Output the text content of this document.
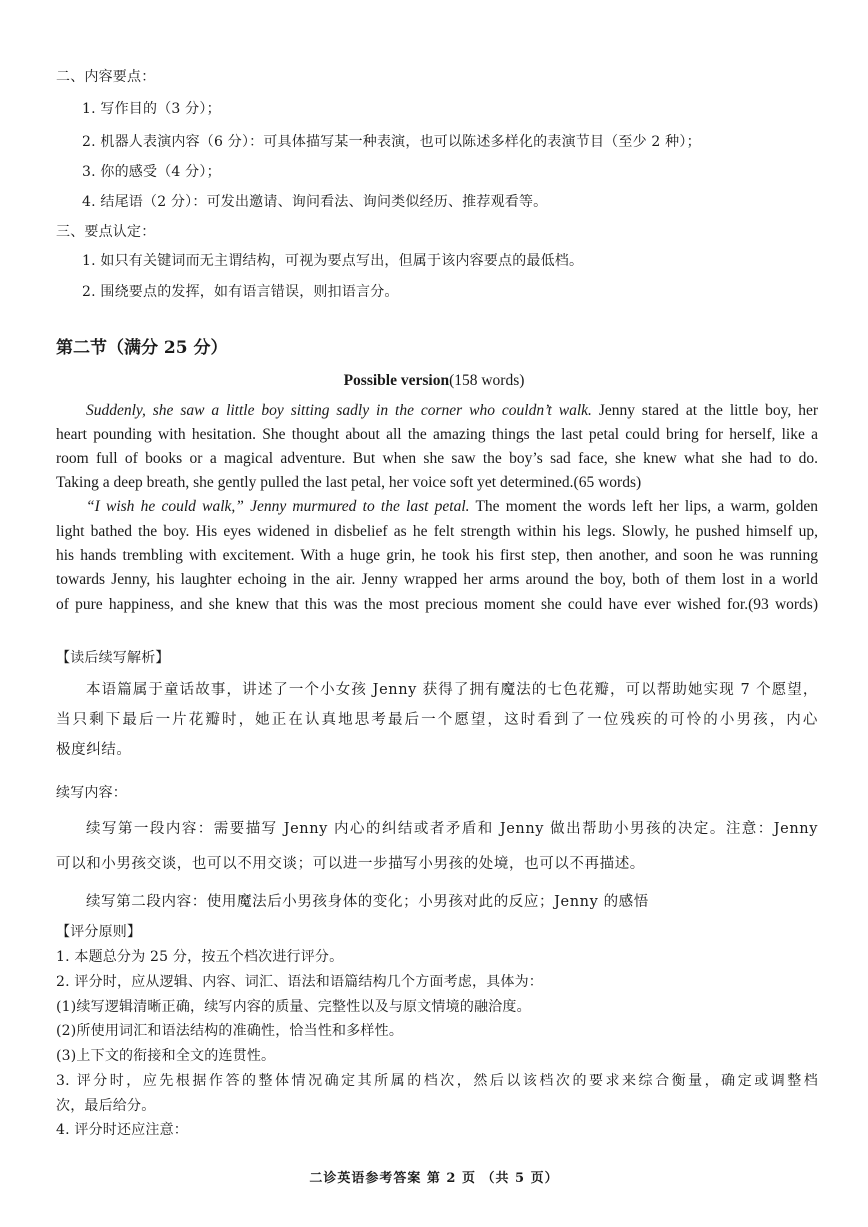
二、内容要点：
1. 写作目的（3 分）；
2. 机器人表演内容（6 分）：可具体描写某一种表演，也可以陈述多样化的表演节目（至少 2 种）；
3. 你的感受（4 分）；
4. 结尾语（2 分）：可发出邀请、询问看法、询问类似经历、推荐观看等。
三、要点认定：
1. 如只有关键词而无主谓结构，可视为要点写出，但属于该内容要点的最低档。
2. 围绕要点的发挥，如有语言错误，则扣语言分。
第二节（满分 25 分）
Possible version(158 words)
Suddenly, she saw a little boy sitting sadly in the corner who couldn’t walk. Jenny stared at the little boy, her
heart pounding with hesitation. She thought about all the amazing things the last petal could bring for herself, like a
room full of books or a magical adventure. But when she saw the boy’s sad face, she knew what she had to do.
Taking a deep breath, she gently pulled the last petal, her voice soft yet determined.(65 words)
“I wish he could walk,” Jenny murmured to the last petal. The moment the words left her lips, a warm, golden
light bathed the boy. His eyes widened in disbelief as he felt strength within his legs. Slowly, he pushed himself up,
his hands trembling with excitement. With a huge grin, he took his first step, then another, and soon he was running
towards Jenny, his laughter echoing in the air. Jenny wrapped her arms around the boy, both of them lost in a world
of pure happiness, and she knew that this was the most precious moment she could have ever wished for.(93 words)
【读后续写解析】
本语篇属于童话故事，讲述了一个小女孩 Jenny 获得了拥有魔法的七色花瓣，可以帮助她实现 7 个愿望，
当只剩下最后一片花瓣时，她正在认真地思考最后一个愿望，这时看到了一位残疾的可怜的小男孩，内心
极度纠结。
续写内容：
续写第一段内容：需要描写 Jenny 内心的纠结或者矛盾和 Jenny 做出帮助小男孩的决定。注意：Jenny
可以和小男孩交谈，也可以不用交谈；可以进一步描写小男孩的处境，也可以不再描述。
续写第二段内容：使用魔法后小男孩身体的变化；小男孩对此的反应；Jenny 的感悟
【评分原则】
1. 本题总分为 25 分，按五个档次进行评分。
2. 评分时，应从逻辑、内容、词汇、语法和语篇结构几个方面考虑，具体为：
(1)续写逻辑清晰正确，续写内容的质量、完整性以及与原文情境的融洽度。
(2)所使用词汇和语法结构的准确性，恰当性和多样性。
(3)上下文的衔接和全文的连贯性。
3. 评分时，应先根据作答的整体情况确定其所属的档次，然后以该档次的要求来综合衡量，确定或调整档
次，最后给分。
4. 评分时还应注意：
二诊英语参考答案 第 2 页 （共 5 页）
